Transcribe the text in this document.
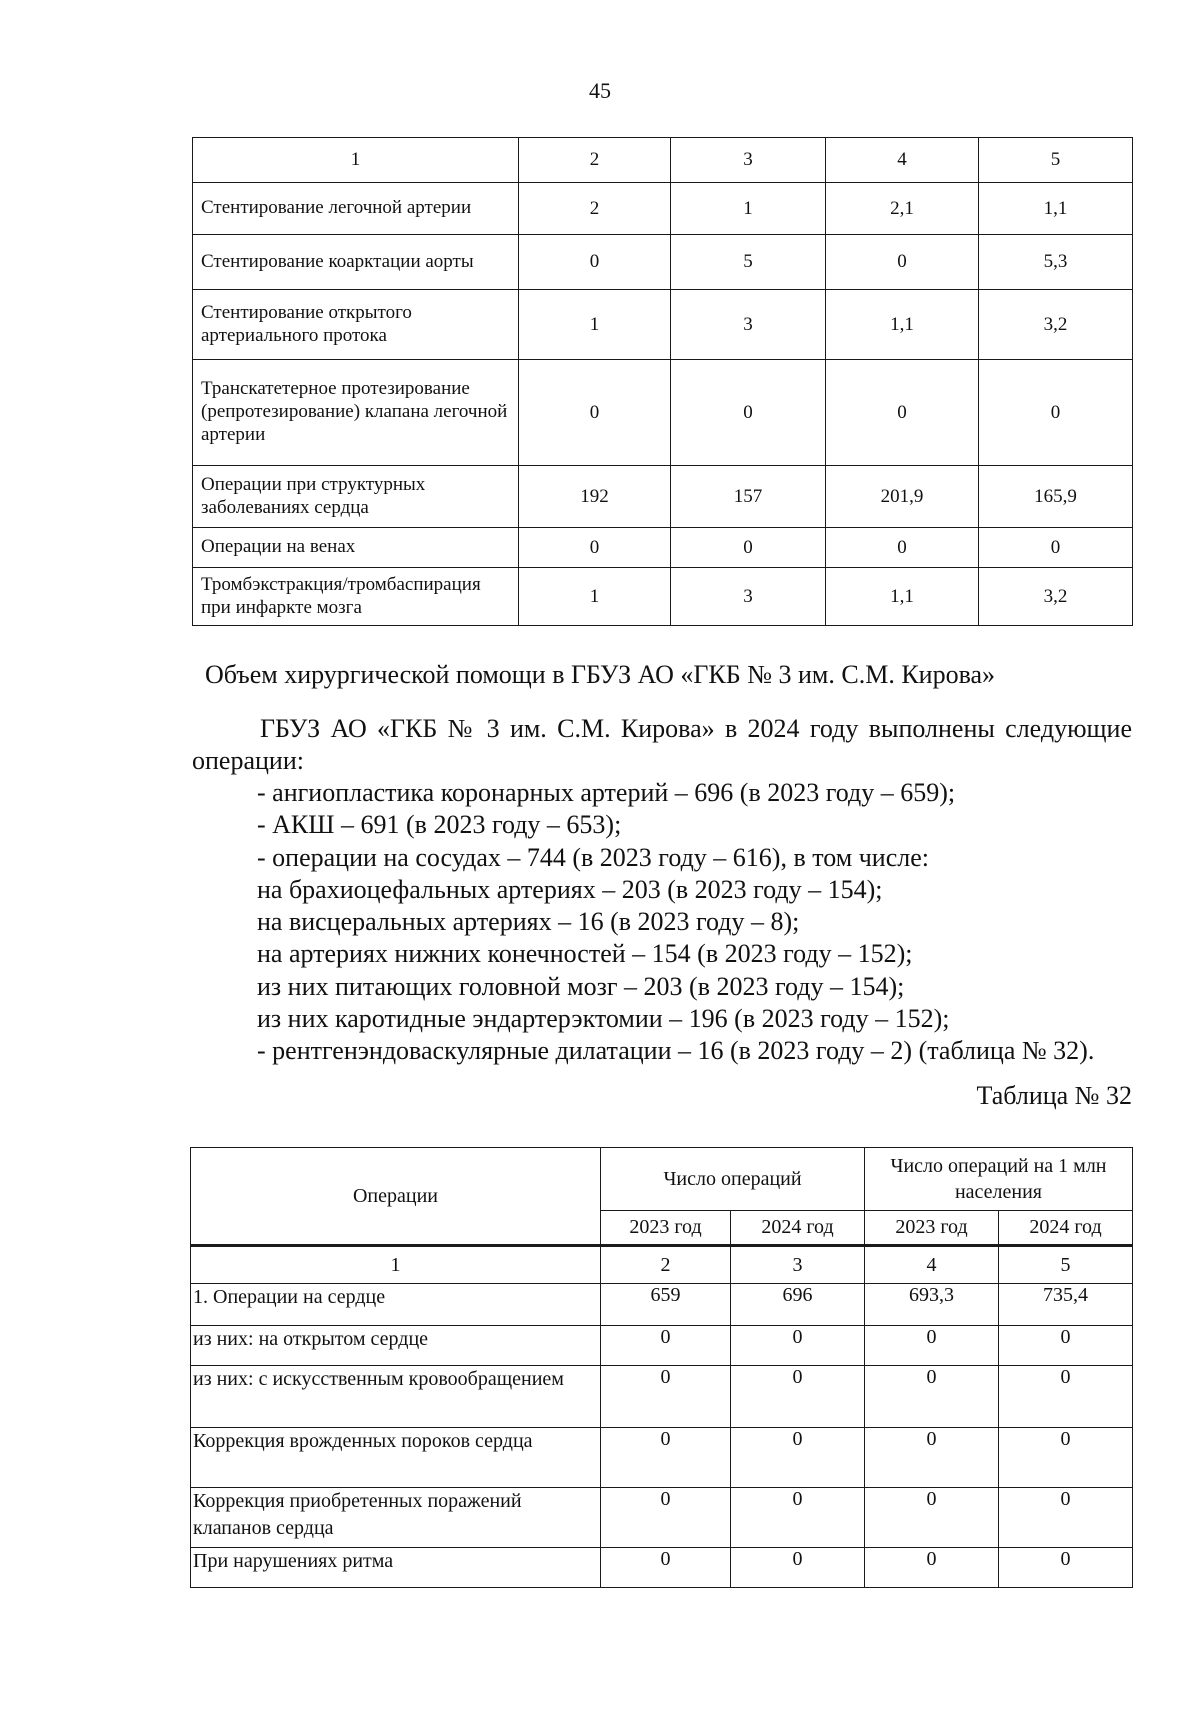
45
1	2	3	4	5
Стентирование легочной артерии	2	1	2,1	1,1
Стентирование коарктации аорты	0	5	0	5,3
Стентирование открытого артериального протока	1	3	1,1	3,2
Транскатетерное протезирование (репротезирование) клапана легочной артерии	0	0	0	0
Операции при структурных заболеваниях сердца	192	157	201,9	165,9
Операции на венах	0	0	0	0
Тромбэкстракция/тромбаспирация при инфаркте мозга	1	3	1,1	3,2
Объем хирургической помощи в ГБУЗ АО «ГКБ № 3 им. С.М. Кирова»
ГБУЗ АО «ГКБ № 3 им. С.М. Кирова» в 2024 году выполнены следующие операции:
- ангиопластика коронарных артерий – 696 (в 2023 году – 659);
- АКШ – 691 (в 2023 году – 653);
- операции на сосудах – 744 (в 2023 году – 616), в том числе:
на брахиоцефальных артериях – 203 (в 2023 году – 154);
на висцеральных артериях – 16 (в 2023 году – 8);
на артериях нижних конечностей – 154 (в 2023 году – 152);
из них питающих головной мозг – 203 (в 2023 году – 154);
из них каротидные эндартерэктомии – 196 (в 2023 году – 152);
- рентгенэндоваскулярные дилатации – 16 (в 2023 году – 2) (таблица № 32).
Таблица № 32
Операции	Число операций		Число операций на 1 млн населения	
	2023 год	2024 год	2023 год	2024 год
1	2	3	4	5
1. Операции на сердце	659	696	693,3	735,4
из них: на открытом сердце	0	0	0	0
из них: с искусственным кровообращением	0	0	0	0
Коррекция врожденных пороков сердца	0	0	0	0
Коррекция приобретенных поражений клапанов сердца	0	0	0	0
При нарушениях ритма	0	0	0	0
